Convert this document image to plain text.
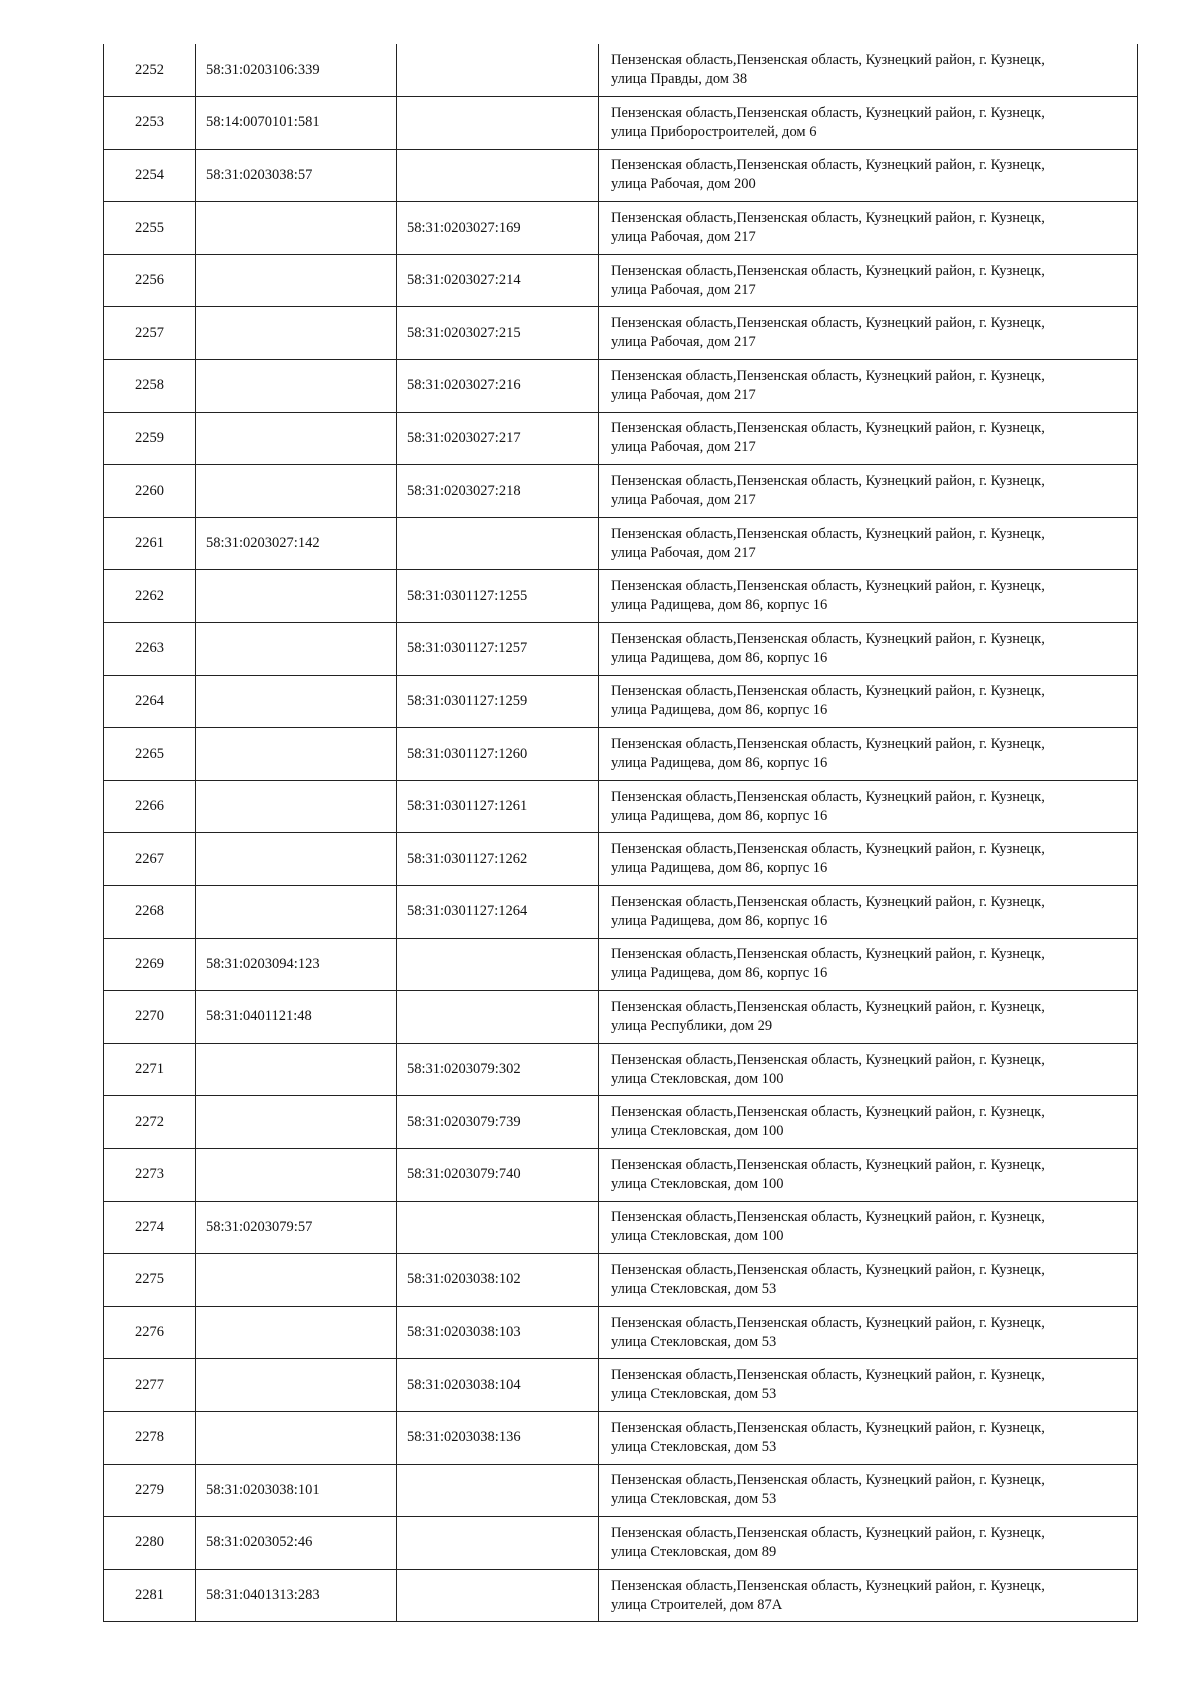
2252	58:31:0203106:339		Пензенская область,Пензенская область, Кузнецкий район, г. Кузнецк,
улица Правды, дом 38

2253	58:14:0070101:581		Пензенская область,Пензенская область, Кузнецкий район, г. Кузнецк,
улица Приборостроителей, дом 6

2254	58:31:0203038:57		Пензенская область,Пензенская область, Кузнецкий район, г. Кузнецк,
улица Рабочая, дом 200

2255		58:31:0203027:169	Пензенская область,Пензенская область, Кузнецкий район, г. Кузнецк,
улица Рабочая, дом 217

2256		58:31:0203027:214	Пензенская область,Пензенская область, Кузнецкий район, г. Кузнецк,
улица Рабочая, дом 217

2257		58:31:0203027:215	Пензенская область,Пензенская область, Кузнецкий район, г. Кузнецк,
улица Рабочая, дом 217

2258		58:31:0203027:216	Пензенская область,Пензенская область, Кузнецкий район, г. Кузнецк,
улица Рабочая, дом 217

2259		58:31:0203027:217	Пензенская область,Пензенская область, Кузнецкий район, г. Кузнецк,
улица Рабочая, дом 217

2260		58:31:0203027:218	Пензенская область,Пензенская область, Кузнецкий район, г. Кузнецк,
улица Рабочая, дом 217

2261	58:31:0203027:142		Пензенская область,Пензенская область, Кузнецкий район, г. Кузнецк,
улица Рабочая, дом 217

2262		58:31:0301127:1255	Пензенская область,Пензенская область, Кузнецкий район, г. Кузнецк,
улица Радищева, дом 86, корпус 16

2263		58:31:0301127:1257	Пензенская область,Пензенская область, Кузнецкий район, г. Кузнецк,
улица Радищева, дом 86, корпус 16

2264		58:31:0301127:1259	Пензенская область,Пензенская область, Кузнецкий район, г. Кузнецк,
улица Радищева, дом 86, корпус 16

2265		58:31:0301127:1260	Пензенская область,Пензенская область, Кузнецкий район, г. Кузнецк,
улица Радищева, дом 86, корпус 16

2266		58:31:0301127:1261	Пензенская область,Пензенская область, Кузнецкий район, г. Кузнецк,
улица Радищева, дом 86, корпус 16

2267		58:31:0301127:1262	Пензенская область,Пензенская область, Кузнецкий район, г. Кузнецк,
улица Радищева, дом 86, корпус 16

2268		58:31:0301127:1264	Пензенская область,Пензенская область, Кузнецкий район, г. Кузнецк,
улица Радищева, дом 86, корпус 16

2269	58:31:0203094:123		Пензенская область,Пензенская область, Кузнецкий район, г. Кузнецк,
улица Радищева, дом 86, корпус 16

2270	58:31:0401121:48		Пензенская область,Пензенская область, Кузнецкий район, г. Кузнецк,
улица Республики, дом 29

2271		58:31:0203079:302	Пензенская область,Пензенская область, Кузнецкий район, г. Кузнецк,
улица Стекловская, дом 100

2272		58:31:0203079:739	Пензенская область,Пензенская область, Кузнецкий район, г. Кузнецк,
улица Стекловская, дом 100

2273		58:31:0203079:740	Пензенская область,Пензенская область, Кузнецкий район, г. Кузнецк,
улица Стекловская, дом 100

2274	58:31:0203079:57		Пензенская область,Пензенская область, Кузнецкий район, г. Кузнецк,
улица Стекловская, дом 100

2275		58:31:0203038:102	Пензенская область,Пензенская область, Кузнецкий район, г. Кузнецк,
улица Стекловская, дом 53

2276		58:31:0203038:103	Пензенская область,Пензенская область, Кузнецкий район, г. Кузнецк,
улица Стекловская, дом 53

2277		58:31:0203038:104	Пензенская область,Пензенская область, Кузнецкий район, г. Кузнецк,
улица Стекловская, дом 53

2278		58:31:0203038:136	Пензенская область,Пензенская область, Кузнецкий район, г. Кузнецк,
улица Стекловская, дом 53

2279	58:31:0203038:101		Пензенская область,Пензенская область, Кузнецкий район, г. Кузнецк,
улица Стекловская, дом 53

2280	58:31:0203052:46		Пензенская область,Пензенская область, Кузнецкий район, г. Кузнецк,
улица Стекловская, дом 89

2281	58:31:0401313:283		Пензенская область,Пензенская область, Кузнецкий район, г. Кузнецк,
улица Строителей, дом 87А
